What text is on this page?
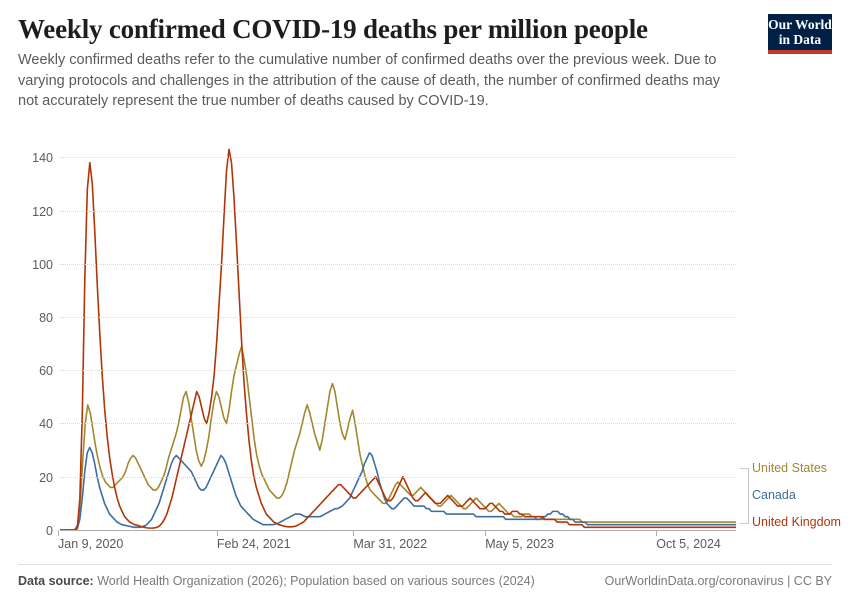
Our World
in Data
Weekly confirmed COVID-19 deaths per million people

Weekly confirmed deaths refer to the cumulative number of confirmed deaths over the previous week. Due to varying protocols and challenges in the attribution of the cause of death, the number of confirmed deaths may not accurately represent the true number of deaths caused by COVID-19.

0
20
40
60
80
100
120
140
Jan 9, 2020	Feb 24, 2021	Mar 31, 2022	May 5, 2023	Oct 5, 2024
United States
Canada
United Kingdom
Data source: World Health Organization (2026); Population based on various sources (2024)	OurWorldinData.org/coronavirus | CC BY
